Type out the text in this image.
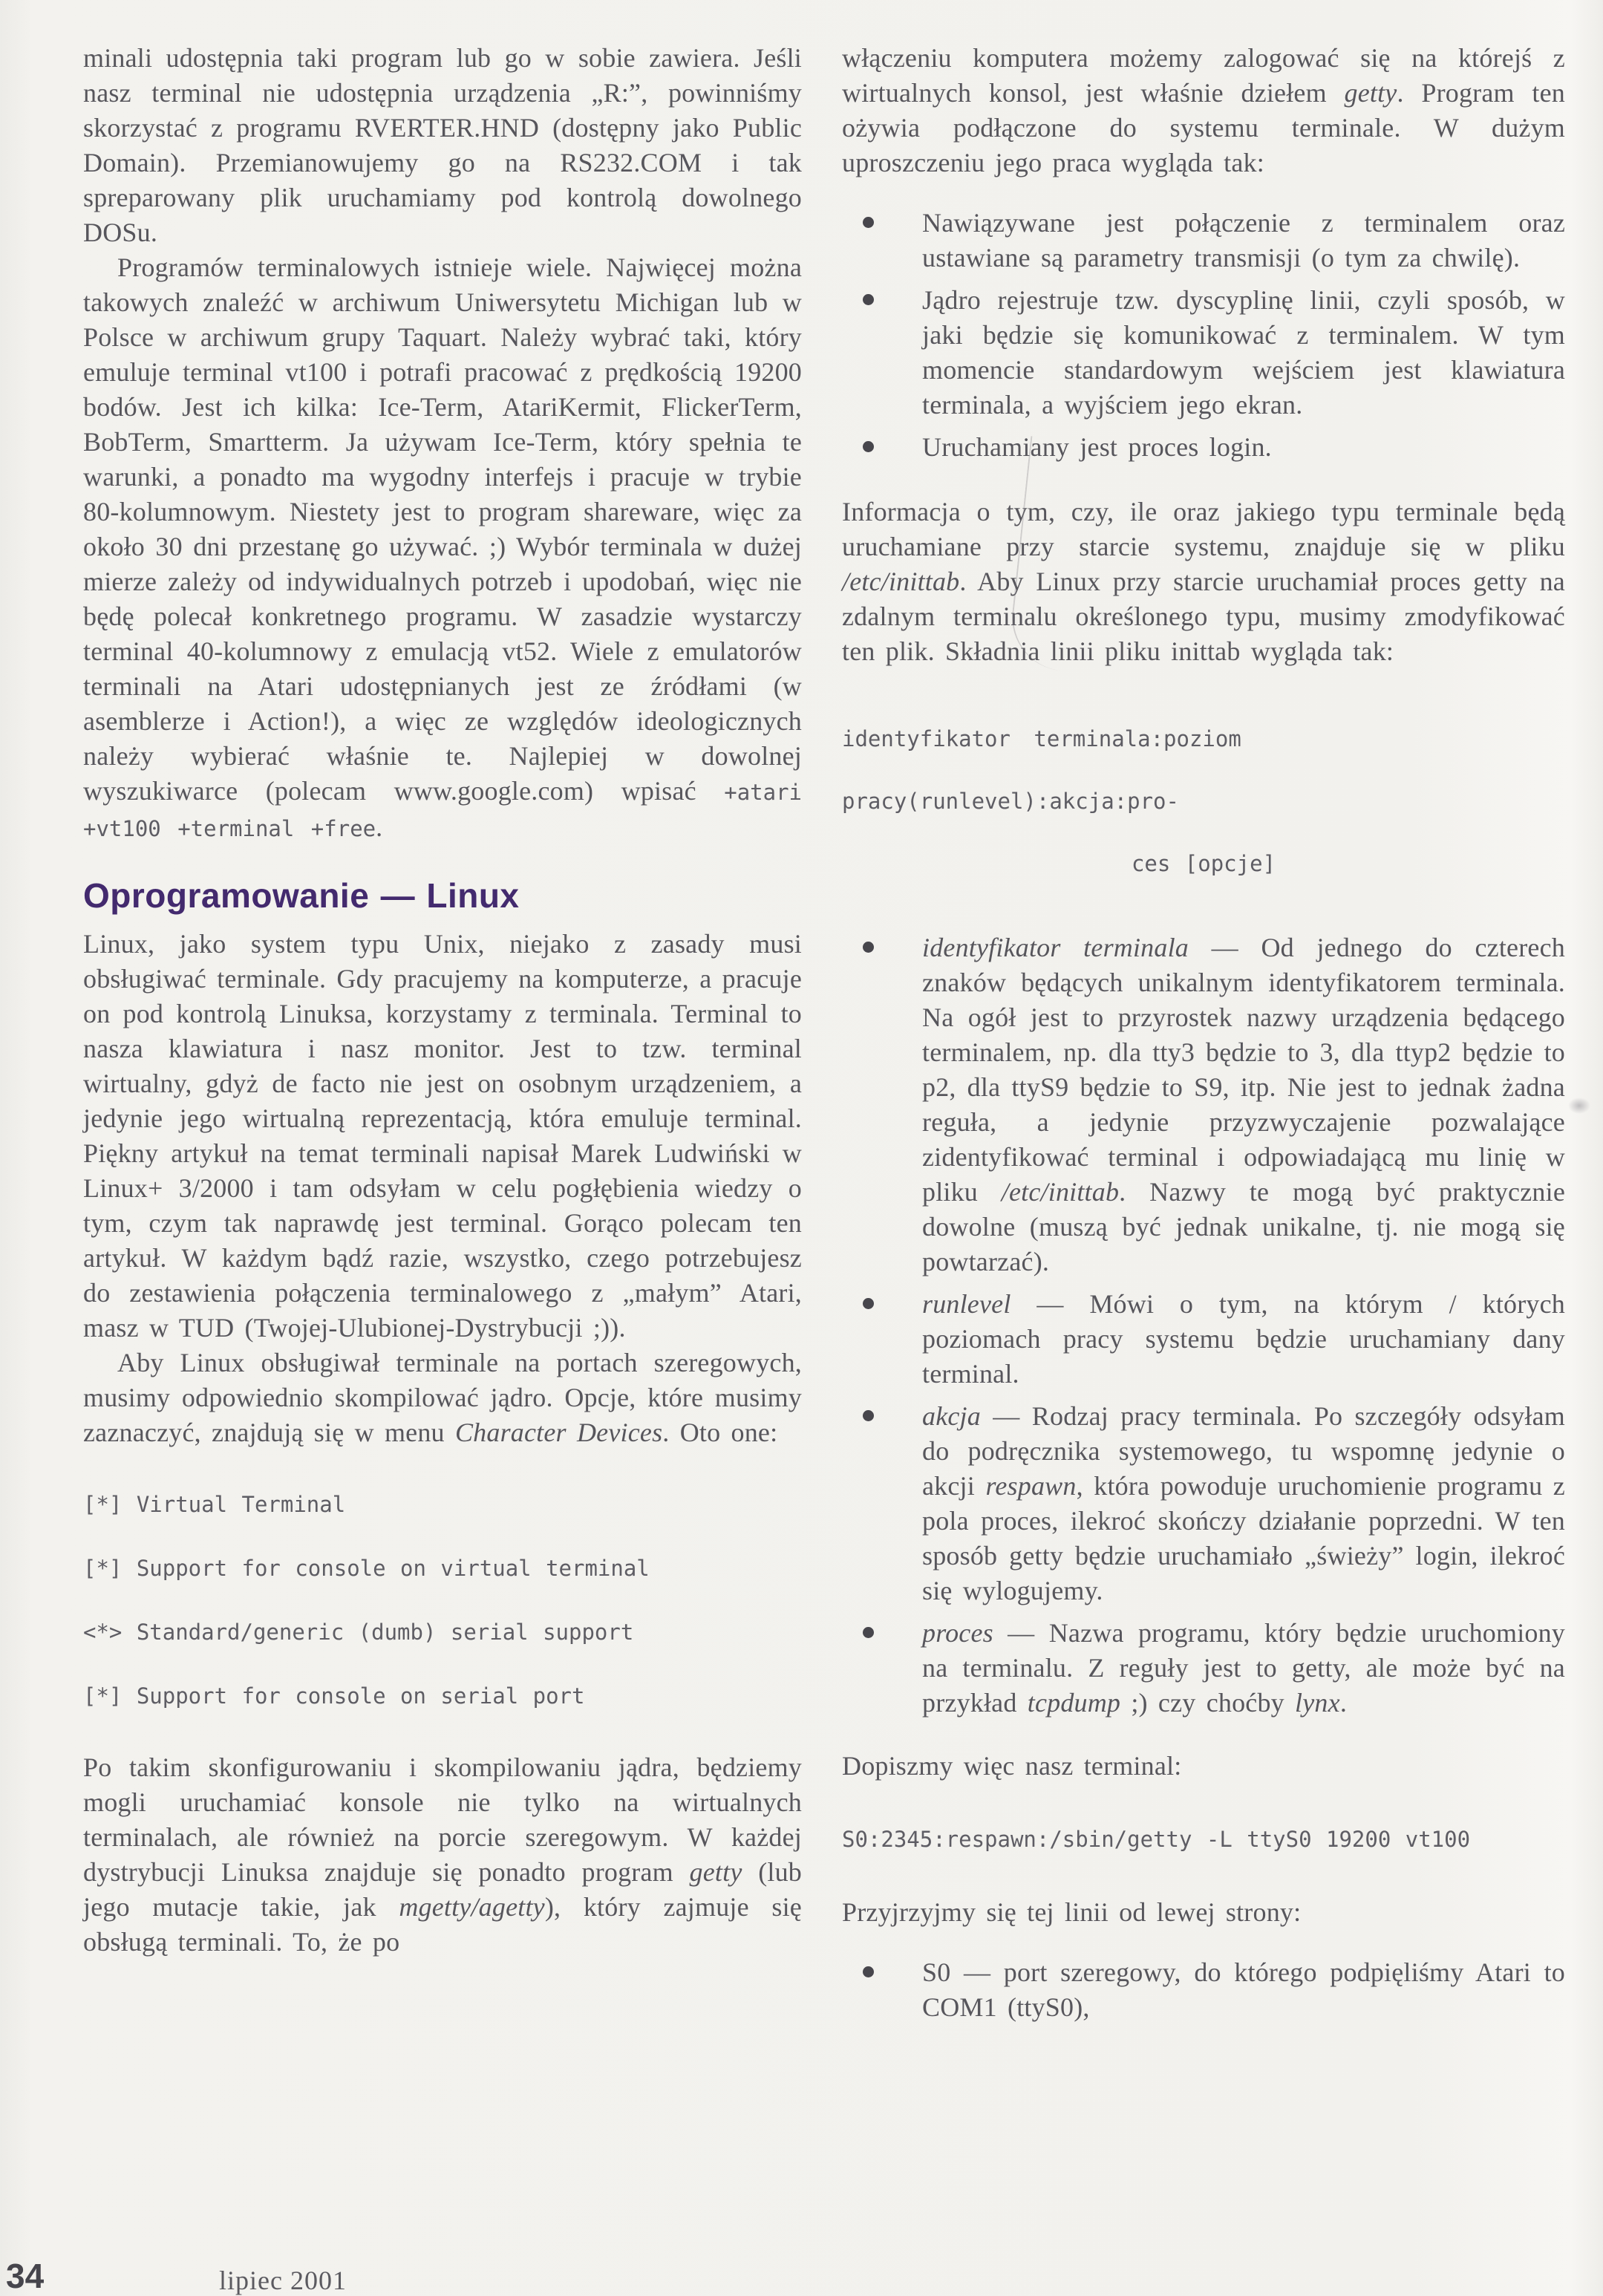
minali udostępnia taki program lub go w sobie zawiera. Jeśli nasz terminal nie udostępnia urządzenia „R:”, powinniśmy skorzystać z programu RVERTER.HND (dostępny jako Public Domain). Przemianowujemy go na RS232.COM i tak spreparowany plik uruchamiamy pod kontrolą dowolnego DOSu.

Programów terminalowych istnieje wiele. Najwięcej można takowych znaleźć w archiwum Uniwersytetu Michigan lub w Polsce w archiwum grupy Taquart. Należy wybrać taki, który emuluje terminal vt100 i potrafi pracować z prędkością 19200 bodów. Jest ich kilka: Ice-Term, AtariKermit, FlickerTerm, BobTerm, Smartterm. Ja używam Ice-Term, który spełnia te warunki, a ponadto ma wygodny interfejs i pracuje w trybie 80-kolumnowym. Niestety jest to program shareware, więc za około 30 dni przestanę go używać. ;) Wybór terminala w dużej mierze zależy od indywidualnych potrzeb i upodobań, więc nie będę polecał konkretnego programu. W zasadzie wystarczy terminal 40-kolumnowy z emulacją vt52. Wiele z emulatorów terminali na Atari udostępnianych jest ze źródłami (w asemblerze i Action!), a więc ze względów ideologicznych należy wybierać właśnie te. Najlepiej w dowolnej wyszukiwarce (polecam www.google.com) wpisać +atari +vt100 +terminal +free.

Oprogramowanie — Linux

Linux, jako system typu Unix, niejako z zasady musi obsługiwać terminale. Gdy pracujemy na komputerze, a pracuje on pod kontrolą Linuksa, korzystamy z terminala. Terminal to nasza klawiatura i nasz monitor. Jest to tzw. terminal wirtualny, gdyż de facto nie jest on osobnym urządzeniem, a jedynie jego wirtualną reprezentacją, która emuluje terminal. Piękny artykuł na temat terminali napisał Marek Ludwiński w Linux+ 3/2000 i tam odsyłam w celu pogłębienia wiedzy o tym, czym tak naprawdę jest terminal. Gorąco polecam ten artykuł. W każdym bądź razie, wszystko, czego potrzebujesz do zestawienia połączenia terminalowego z „małym” Atari, masz w TUD (Twojej-Ulubionej-Dystrybucji ;)).

Aby Linux obsługiwał terminale na portach szeregowych, musimy odpowiednio skompilować jądro. Opcje, które musimy zaznaczyć, znajdują się w menu Character Devices. Oto one:

[*] Virtual Terminal
[*] Support for console on virtual terminal
<*> Standard/generic (dumb) serial support
[*] Support for console on serial port

Po takim skonfigurowaniu i skompilowaniu jądra, będziemy mogli uruchamiać konsole nie tylko na wirtualnych terminalach, ale również na porcie szeregowym. W każdej dystrybucji Linuksa znajduje się ponadto program getty (lub jego mutacje takie, jak mgetty/agetty), który zajmuje się obsługą terminali. To, że po

włączeniu komputera możemy zalogować się na którejś z wirtualnych konsol, jest właśnie dziełem getty. Program ten ożywia podłączone do systemu terminale. W dużym uproszczeniu jego praca wygląda tak:

Nawiązywane jest połączenie z terminalem oraz ustawiane są parametry transmisji (o tym za chwilę).
Jądro rejestruje tzw. dyscyplinę linii, czyli sposób, w jaki będzie się komunikować z terminalem. W tym momencie standardowym wejściem jest klawiatura terminala, a wyjściem jego ekran.
Uruchamiany jest proces login.

Informacja o tym, czy, ile oraz jakiego typu terminale będą uruchamiane przy starcie systemu, znajduje się w pliku /etc/inittab. Aby Linux przy starcie uruchamiał proces getty na zdalnym terminalu określonego typu, musimy zmodyfikować ten plik. Składnia linii pliku inittab wygląda tak:

identyfikator terminala:poziom pracy(runlevel):akcja:pro-
ces [opcje]
identyfikator terminala — Od jednego do czterech znaków będących unikalnym identyfikatorem terminala. Na ogół jest to przyrostek nazwy urządzenia będącego terminalem, np. dla tty3 będzie to 3, dla ttyp2 będzie to p2, dla ttyS9 będzie to S9, itp. Nie jest to jednak żadna reguła, a jedynie przyzwyczajenie pozwalające zidentyfikować terminal i odpowiadającą mu linię w pliku /etc/inittab. Nazwy te mogą być praktycznie dowolne (muszą być jednak unikalne, tj. nie mogą się powtarzać).
runlevel — Mówi o tym, na którym / których poziomach pracy systemu będzie uruchamiany dany terminal.
akcja — Rodzaj pracy terminala. Po szczegóły odsyłam do podręcznika systemowego, tu wspomnę jedynie o akcji respawn, która powoduje uruchomienie programu z pola proces, ilekroć skończy działanie poprzedni. W ten sposób getty będzie uruchamiało „świeży” login, ilekroć się wylogujemy.
proces — Nazwa programu, który będzie uruchomiony na terminalu. Z reguły jest to getty, ale może być na przykład tcpdump ;) czy choćby lynx.

Dopiszmy więc nasz terminal:

S0:2345:respawn:/sbin/getty -L ttyS0 19200 vt100

Przyjrzyjmy się tej linii od lewej strony:

S0 — port szeregowy, do którego podpięliśmy Atari to COM1 (ttyS0),
34	lipiec 2001
